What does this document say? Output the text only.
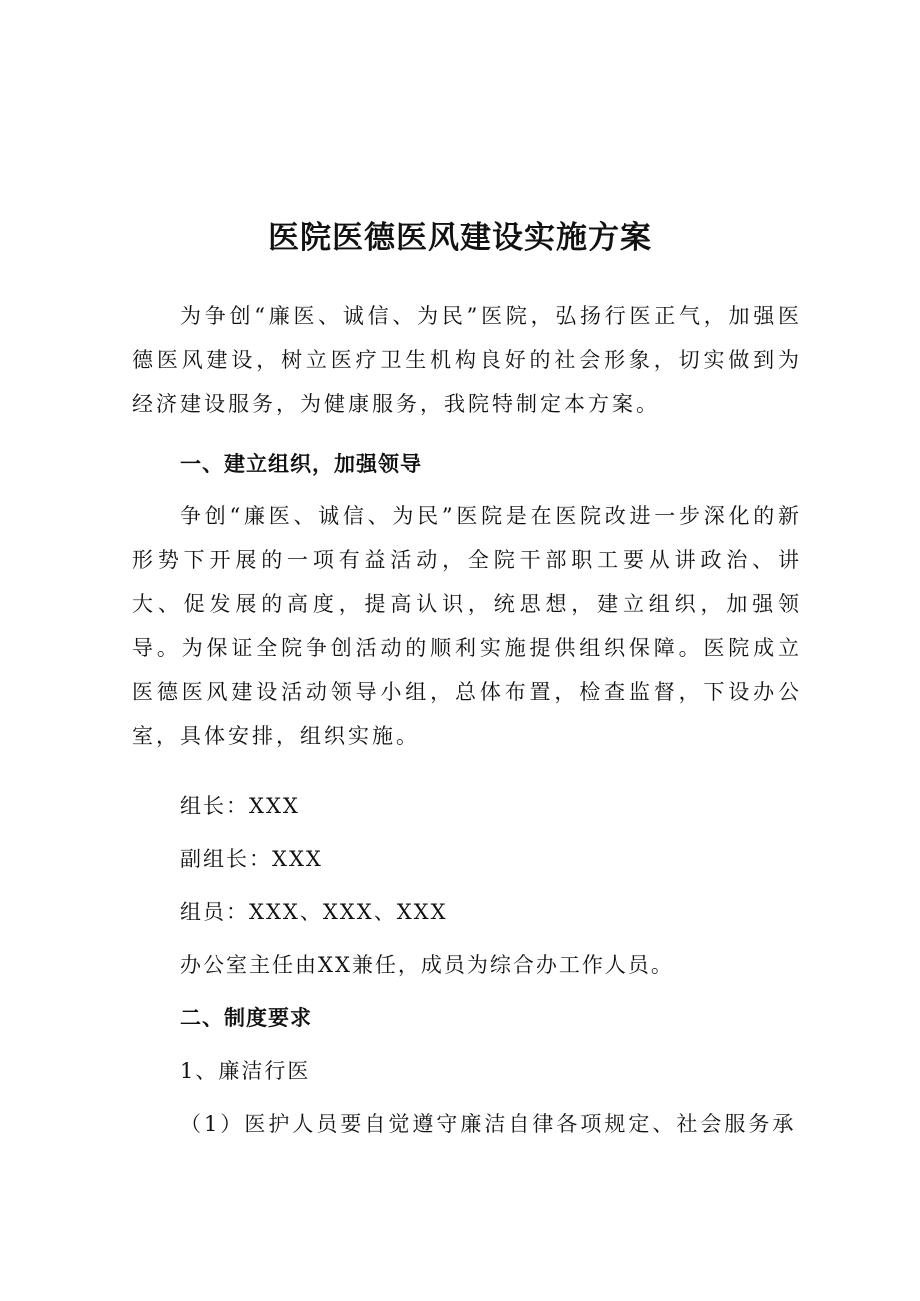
医院医德医风建设实施方案
为争创“廉医、诚信、为民”医院，弘扬行医正气，加强医德医风建设，树立医疗卫生机构良好的社会形象，切实做到为经济建设服务，为健康服务，我院特制定本方案。
一、建立组织，加强领导
争创“廉医、诚信、为民”医院是在医院改进一步深化的新形势下开展的一项有益活动，全院干部职工要从讲政治、讲大、促发展的高度，提高认识，统思想，建立组织，加强领导。为保证全院争创活动的顺利实施提供组织保障。医院成立医德医风建设活动领导小组，总体布置，检查监督，下设办公室，具体安排，组织实施。
组长：XXX
副组长：XXX
组员：XXX、XXX、XXX
办公室主任由XX兼任，成员为综合办工作人员。
二、制度要求
1、廉洁行医
（1）医护人员要自觉遵守廉洁自律各项规定、社会服务承
